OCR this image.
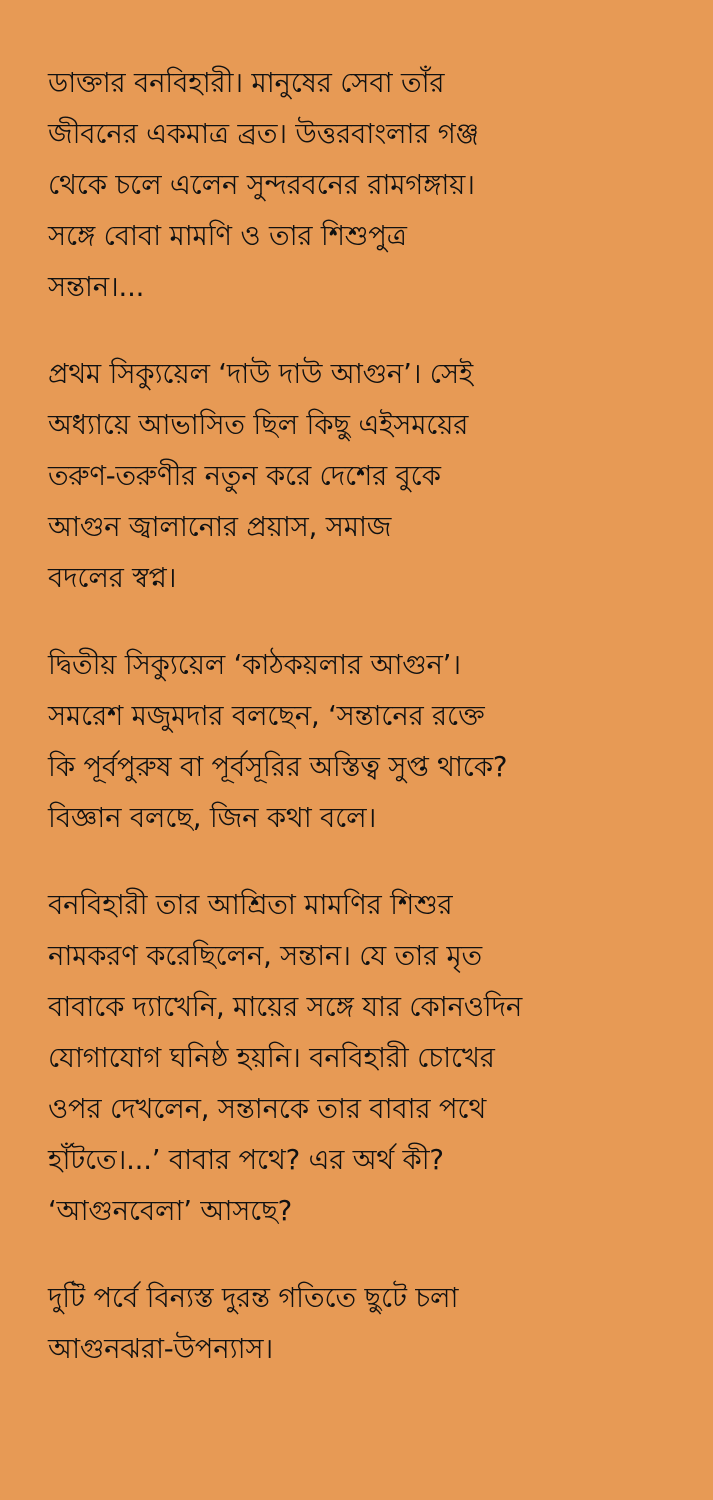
ডাক্তার বনবিহারী। মানুষের সেবা তাঁর
জীবনের একমাত্র ব্রত। উত্তরবাংলার গঞ্জ
থেকে চলে এলেন সুন্দরবনের রামগঙ্গায়।
সঙ্গে বোবা মামণি ও তার শিশুপুত্র
সন্তান।...
প্রথম সিক্যুয়েল ‘দাউ দাউ আগুন’। সেই
অধ্যায়ে আভাসিত ছিল কিছু এইসময়ের
তরুণ-তরুণীর নতুন করে দেশের বুকে
আগুন জ্বালানোর প্রয়াস, সমাজ
বদলের স্বপ্ন।
দ্বিতীয় সিক্যুয়েল ‘কাঠকয়লার আগুন’।
সমরেশ মজুমদার বলছেন, ‘সন্তানের রক্তে
কি পূর্বপুরুষ বা পূর্বসূরির অস্তিত্ব সুপ্ত থাকে?
বিজ্ঞান বলছে, জিন কথা বলে।
বনবিহারী তার আশ্রিতা মামণির শিশুর
নামকরণ করেছিলেন, সন্তান। যে তার মৃত
বাবাকে দ্যাখেনি, মায়ের সঙ্গে যার কোনওদিন
যোগাযোগ ঘনিষ্ঠ হয়নি। বনবিহারী চোখের
ওপর দেখলেন, সন্তানকে তার বাবার পথে
হাঁটতে।...’ বাবার পথে? এর অর্থ কী?
‘আগুনবেলা’ আসছে?
দুটি পর্বে বিন্যস্ত দুরন্ত গতিতে ছুটে চলা
আগুনঝরা-উপন্যাস।
